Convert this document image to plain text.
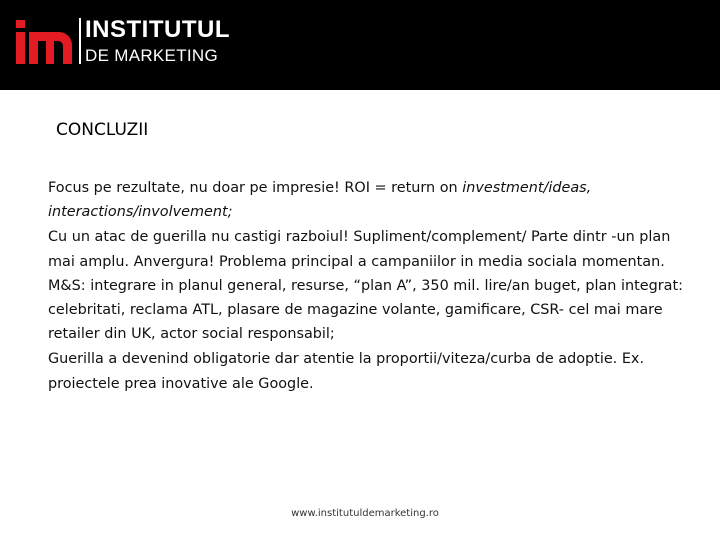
INSTITUTUL
DE MARKETING
CONCLUZII

Focus pe rezultate, nu doar pe impresie! ROI = return on investment/ideas, interactions/involvement;

Cu un atac de guerilla nu castigi razboiul! Supliment/complement/ Parte dintr -un plan mai amplu. Anvergura! Problema principal a campaniilor in media sociala momentan. M&S: integrare in planul general, resurse, “plan A”, 350 mil. lire/an buget, plan integrat: celebritati, reclama ATL, plasare de magazine volante, gamificare, CSR- cel mai mare retailer din UK, actor social responsabil;

Guerilla a devenind obligatorie dar atentie la proportii/viteza/curba de adoptie. Ex. proiectele prea inovative ale Google.

www.institutuldemarketing.ro
